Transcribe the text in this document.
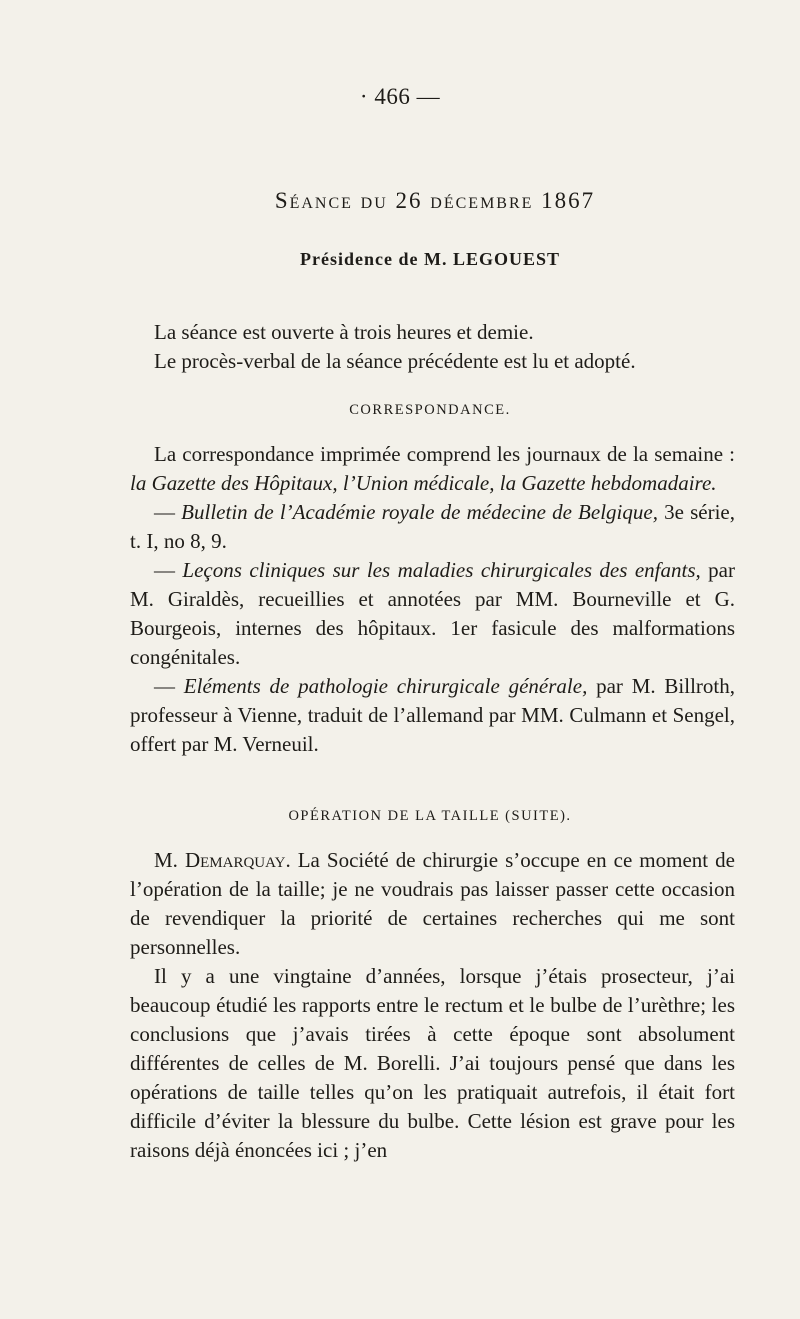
· 466 —
Séance du 26 décembre 1867
Présidence de M. LEGOUEST

La séance est ouverte à trois heures et demie.

Le procès-verbal de la séance précédente est lu et adopté.

CORRESPONDANCE.

La correspondance imprimée comprend les journaux de la semaine : la Gazette des Hôpitaux, l’Union médicale, la Gazette hebdomadaire.

— Bulletin de l’Académie royale de médecine de Belgique, 3e série, t. I, no 8, 9.

— Leçons cliniques sur les maladies chirurgicales des enfants, par M. Giraldès, recueillies et annotées par MM. Bourneville et G. Bourgeois, internes des hôpitaux. 1er fasicule des malformations congénitales.

— Eléments de pathologie chirurgicale générale, par M. Billroth, professeur à Vienne, traduit de l’allemand par MM. Culmann et Sengel, offert par M. Verneuil.

OPÉRATION DE LA TAILLE (SUITE).

M. Demarquay. La Société de chirurgie s’occupe en ce moment de l’opération de la taille; je ne voudrais pas laisser passer cette occasion de revendiquer la priorité de certaines recherches qui me sont personnelles.

Il y a une vingtaine d’années, lorsque j’étais prosecteur, j’ai beaucoup étudié les rapports entre le rectum et le bulbe de l’urèthre; les conclusions que j’avais tirées à cette époque sont absolument différentes de celles de M. Borelli. J’ai toujours pensé que dans les opérations de taille telles qu’on les pratiquait autrefois, il était fort difficile d’éviter la blessure du bulbe. Cette lésion est grave pour les raisons déjà énoncées ici ; j’en
